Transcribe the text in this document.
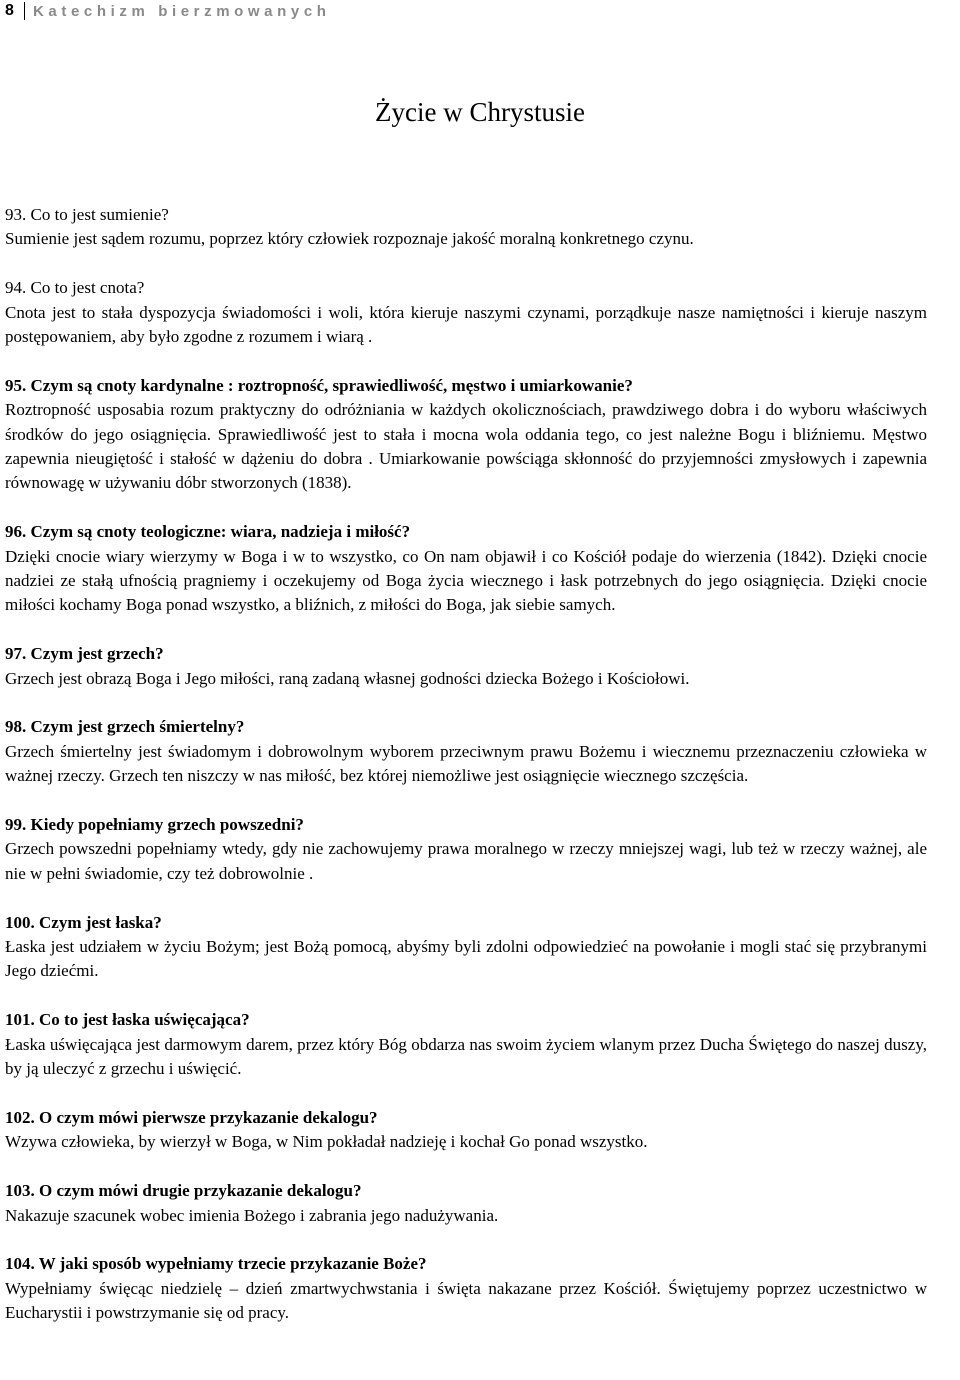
8	Katechizm bierzmowanych
Życie w Chrystusie
93. Co to jest sumienie?
Sumienie jest sądem rozumu, poprzez który człowiek rozpoznaje jakość moralną konkretnego czynu.
94. Co to jest cnota?
Cnota jest to stała dyspozycja świadomości i woli, która kieruje naszymi czynami, porządkuje nasze namiętności i kieruje naszym postępowaniem, aby było zgodne z rozumem i wiarą .
95. Czym są cnoty kardynalne : roztropność, sprawiedliwość, męstwo i umiarkowanie?
Roztropność usposabia rozum praktyczny do odróżniania w każdych okolicznościach, prawdziwego dobra i do wyboru właściwych środków do jego osiągnięcia. Sprawiedliwość jest to stała i mocna wola oddania tego, co jest należne Bogu i bliźniemu. Męstwo zapewnia nieugiętość i stałość w dążeniu do dobra . Umiarkowanie powściąga skłonność do przyjemności zmysłowych i zapewnia równowagę w używaniu dóbr stworzonych (1838).
96. Czym są cnoty teologiczne: wiara, nadzieja i miłość?
Dzięki cnocie wiary wierzymy w Boga i w to wszystko, co On nam objawił i co Kościół podaje do wierzenia (1842). Dzięki cnocie nadziei ze stałą ufnością pragniemy i oczekujemy od Boga życia wiecznego i łask potrzebnych do jego osiągnięcia. Dzięki cnocie miłości kochamy Boga ponad wszystko, a bliźnich, z miłości do Boga, jak siebie samych.
97. Czym jest grzech?
Grzech jest obrazą Boga i Jego miłości, raną zadaną własnej godności dziecka Bożego i Kościołowi.
98. Czym jest grzech śmiertelny?
Grzech śmiertelny jest świadomym i dobrowolnym wyborem przeciwnym prawu Bożemu i wiecznemu przeznaczeniu człowieka w ważnej rzeczy. Grzech ten niszczy w nas miłość, bez której niemożliwe jest osiągnięcie wiecznego szczęścia.
99. Kiedy popełniamy grzech powszedni?
Grzech powszedni popełniamy wtedy, gdy nie zachowujemy prawa moralnego w rzeczy mniejszej wagi, lub też w rzeczy ważnej, ale nie w pełni świadomie, czy też dobrowolnie .
100. Czym jest łaska?
Łaska jest udziałem w życiu Bożym; jest Bożą pomocą, abyśmy byli zdolni odpowiedzieć na powołanie i mogli stać się przybranymi Jego dziećmi.
101. Co to jest łaska uświęcająca?
Łaska uświęcająca jest darmowym darem, przez który Bóg obdarza nas swoim życiem wlanym przez Ducha Świętego do naszej duszy, by ją uleczyć z grzechu i uświęcić.
102. O czym mówi pierwsze przykazanie dekalogu?
Wzywa człowieka, by wierzył w Boga, w Nim pokładał nadzieję i kochał Go ponad wszystko.
103. O czym mówi drugie przykazanie dekalogu?
Nakazuje szacunek wobec imienia Bożego i zabrania jego nadużywania.
104. W jaki sposób wypełniamy trzecie przykazanie Boże?
Wypełniamy święcąc niedzielę – dzień zmartwychwstania i święta nakazane przez Kościół. Świętujemy poprzez uczestnictwo w Eucharystii i powstrzymanie się od pracy.
